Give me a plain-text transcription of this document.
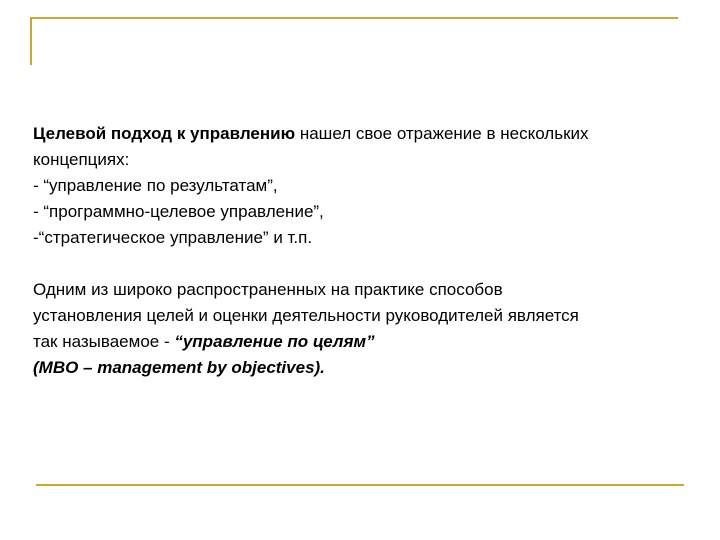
Целевой подход к управлению нашел свое отражение в нескольких

концепциях:

- “управление по результатам”,

- “программно-целевое управление”,

-“стратегическое управление” и т.п.

Одним из широко распространенных на практике способов

установления целей и оценки деятельности руководителей является

так называемое - “управление по целям”

(MBO – management by objectives).
